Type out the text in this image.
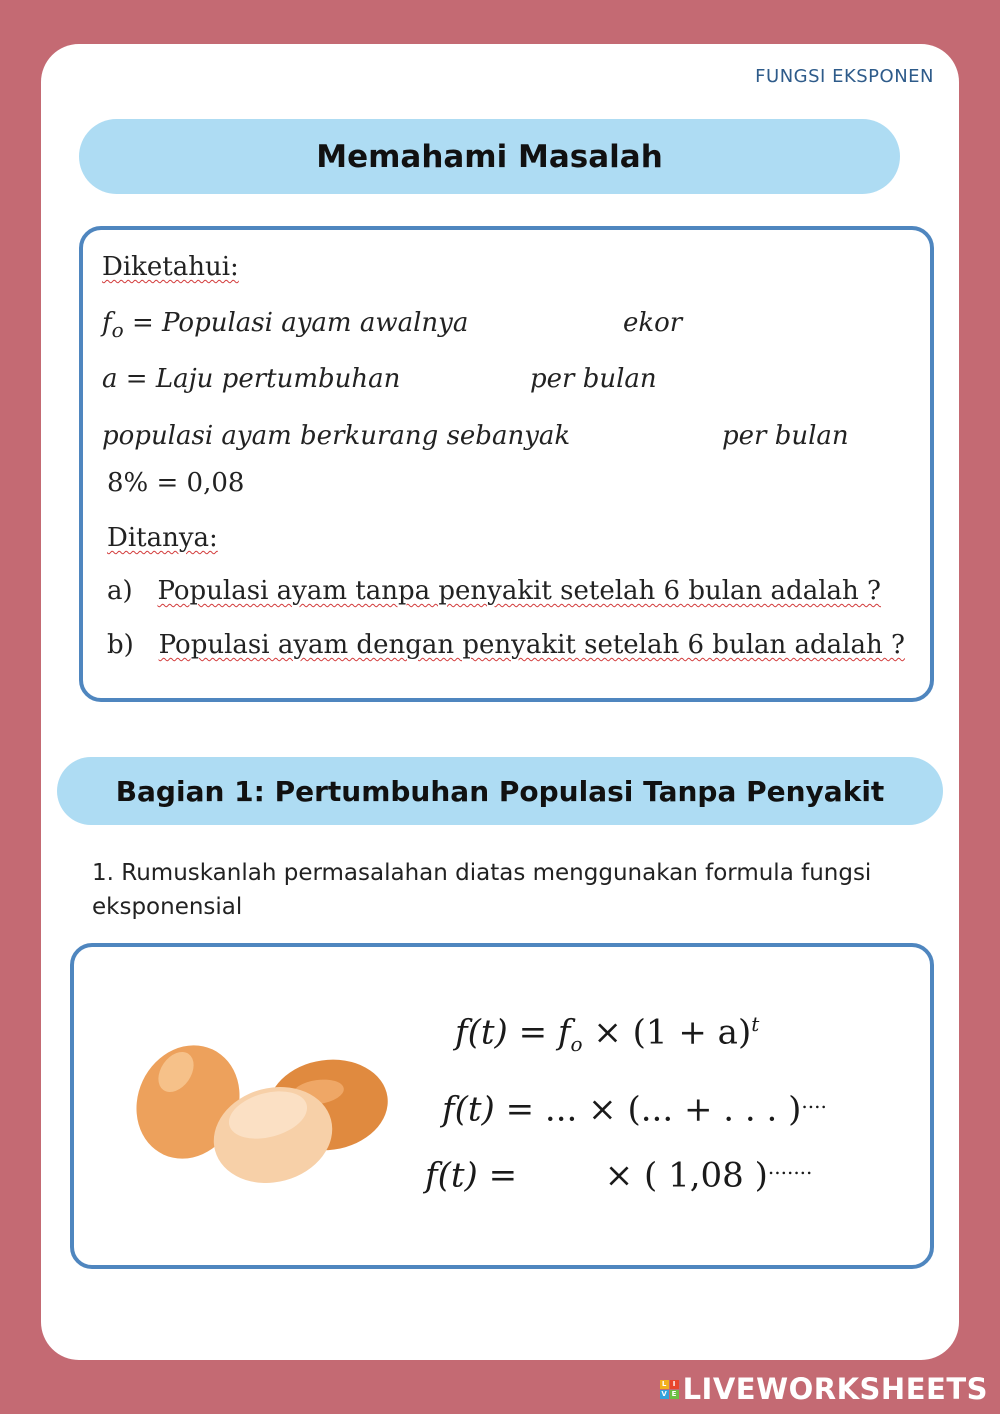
FUNGSI EKSPONEN
Memahami Masalah
Diketahui:
$f_o$ = Populasi ayam awalnya	ekor
a = Laju pertumbuhan	per bulan
populasi ayam berkurang sebanyak	per bulan
8% = 0,08
Ditanya:
a) Populasi ayam tanpa penyakit setelah 6 bulan adalah ?
b) Populasi ayam dengan penyakit setelah 6 bulan adalah ?
Bagian 1: Pertumbuhan Populasi Tanpa Penyakit
1. Rumuskanlah permasalahan diatas menggunakan formula fungsi eksponensial
$f(t) = f_o \times (1 + a)^t$
f(t) = ... × (... + . . . )....
f(t) =	× ( 1,08 ).......
L I
V E LIVEWORKSHEETS
